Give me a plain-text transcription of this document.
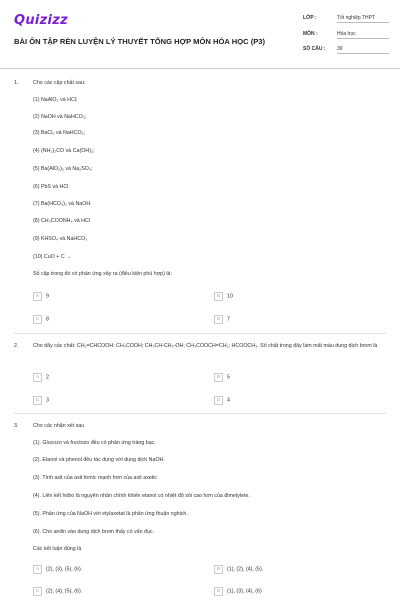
Quizizz
BÀI ÔN TẬP RÈN LUYỆN LÝ THUYẾT TỔNG HỢP MÔN HÓA HỌC (P3)
LỚP :	Tốt nghiệp THPT
MÔN :	Hóa học
SỐ CÂU : 39
1.	Cho các cặp chất sau:
(1) NaAlO₂ và HCl;
(2) NaOH và NaHCO₃;
(3) BaCl₂ và NaHCO₃;
(4) (NH₂)₂CO và Ca(OH)₂;
(5) Ba(AlO₂)₂ và Na₂SO₄;
(6) PbS và HCl
(7) Ba(HCO₃)₂ và NaOH.
(8) CH₃COONH₄ và HCl
(9) KHSO₄ và NaHCO₃
(10) CuO + C →
Số cặp trong đó có phản ứng xảy ra (điều kiện phù hợp) là:
A 9	B 10
C 8	D 7
2.	Cho dãy các chất: CH₂=CHCOOH; CH₃COOH; CH₂CH-CH₂-OH; CH₃COOCH=CH₂; HCOOCH₃. Số chất trong dãy làm mất màu dung dịch brom là
A 2	B 5
C 3	D 4
3.	Cho các nhận xét sau
(1). Glucozo và fructozo đều có phản ứng tráng bạc.
(2). Etanol và phenol đều tác dụng với dung dịch NaOH.
(3). Tính axit của axit fomic mạnh hơn của axit axetic
(4). Liên kết hiđro là nguyên nhân chính khiến etanol có nhiệt độ sôi cao hơn của đimetylete.
(5). Phản ứng của NaOH với etylaxetat là phản ứng thuận nghịch.
(6). Cho anilin vào dung dịch brom thấy có vẩn đục.
Các kết luận đúng là
A (2), (3), (5), (6).	B (1), (2), (4), (5).
C (2), (4), (5), (6).	D (1), (3), (4), (6)
